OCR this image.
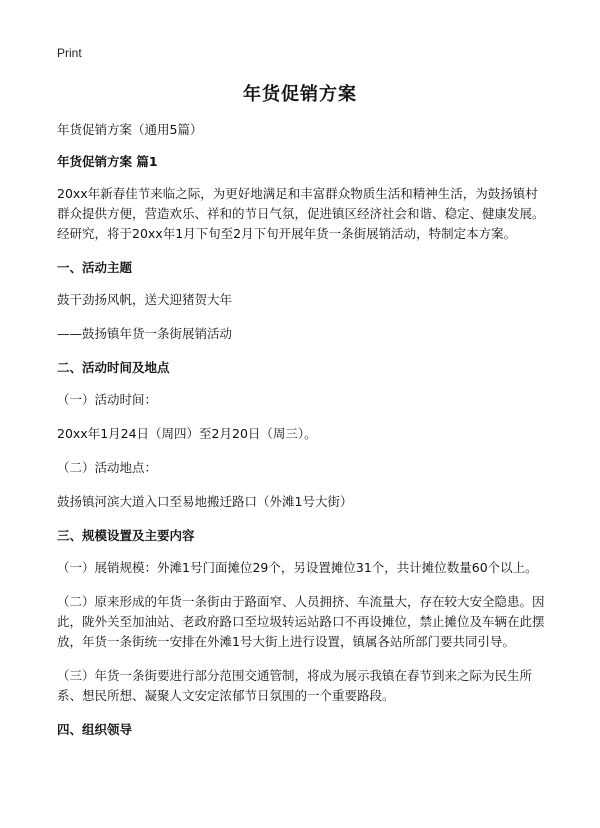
Print
年货促销方案

年货促销方案（通用5篇）

年货促销方案 篇1

20xx年新春佳节来临之际，为更好地满足和丰富群众物质生活和精神生活，为鼓扬镇村群众提供方便，营造欢乐、祥和的节日气氛，促进镇区经济社会和谐、稳定、健康发展。经研究，将于20xx年1月下旬至2月下旬开展年货一条街展销活动，特制定本方案。

一、活动主题

鼓干劲扬风帆，送犬迎猪贺大年

——鼓扬镇年货一条街展销活动

二、活动时间及地点

（一）活动时间：

20xx年1月24日（周四）至2月20日（周三）。

（二）活动地点：

鼓扬镇河滨大道入口至易地搬迁路口（外滩1号大街）

三、规模设置及主要内容

（一）展销规模：外滩1号门面摊位29个，另设置摊位31个，共计摊位数量60个以上。

（二）原来形成的年货一条街由于路面窄、人员拥挤、车流量大，存在较大安全隐患。因此，陇外关至加油站、老政府路口至垃圾转运站路口不再设摊位，禁止摊位及车辆在此摆放，年货一条街统一安排在外滩1号大街上进行设置，镇属各站所部门要共同引导。

（三）年货一条街要进行部分范围交通管制，将成为展示我镇在春节到来之际为民生所系、想民所想、凝聚人文安定浓郁节日氛围的一个重要路段。

四、组织领导
